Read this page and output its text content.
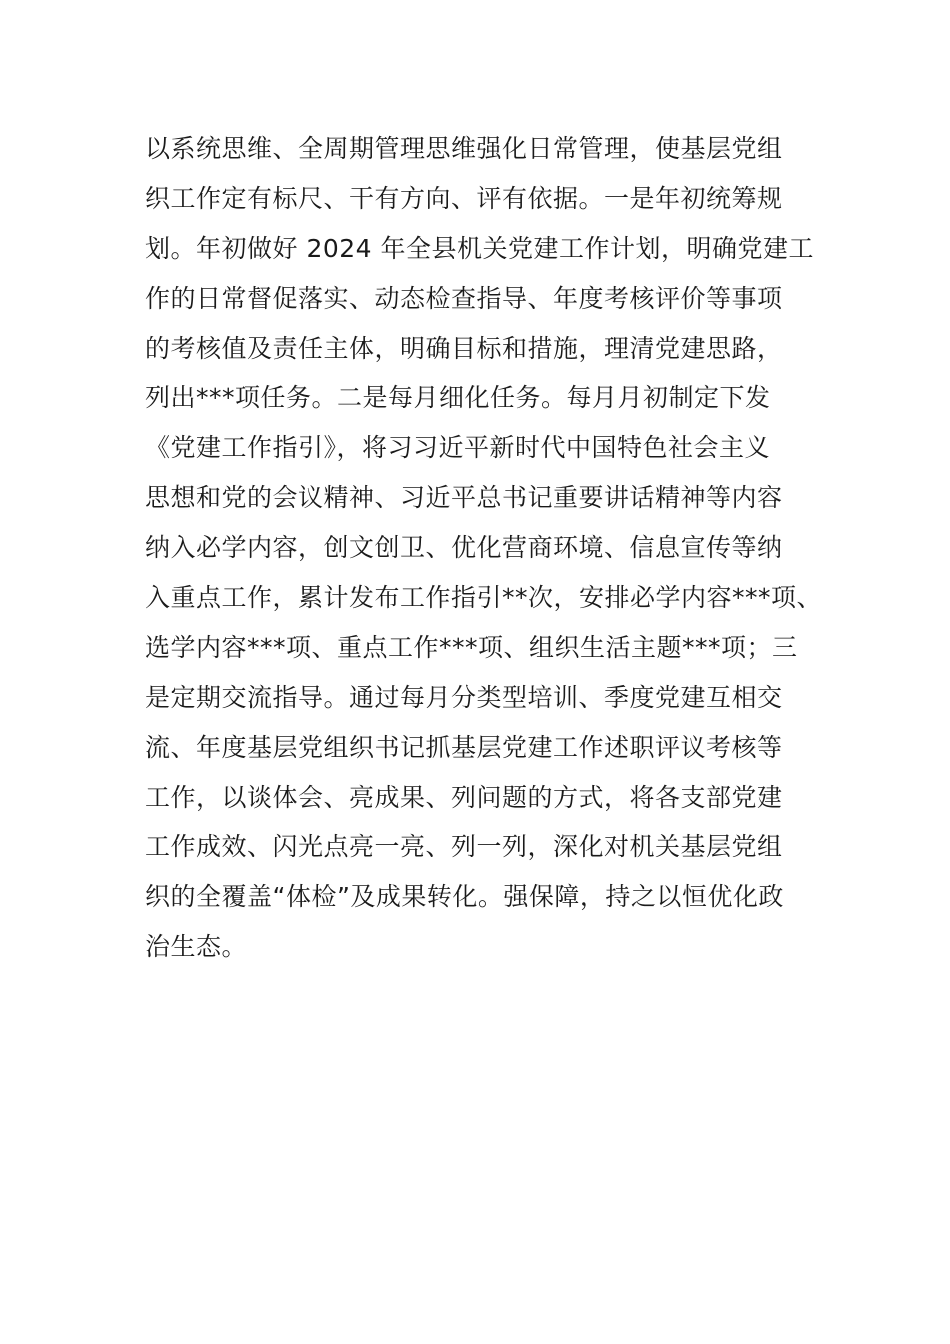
以系统思维、全周期管理思维强化日常管理，使基层党组
织工作定有标尺、干有方向、评有依据。一是年初统筹规
划。年初做好 2024 年全县机关党建工作计划，明确党建工
作的日常督促落实、动态检查指导、年度考核评价等事项
的考核值及责任主体，明确目标和措施，理清党建思路，
列出***项任务。二是每月细化任务。每月月初制定下发
《党建工作指引》，将习习近平新时代中国特色社会主义
思想和党的会议精神、习近平总书记重要讲话精神等内容
纳入必学内容，创文创卫、优化营商环境、信息宣传等纳
入重点工作，累计发布工作指引**次，安排必学内容***项、
选学内容***项、重点工作***项、组织生活主题***项；三
是定期交流指导。通过每月分类型培训、季度党建互相交
流、年度基层党组织书记抓基层党建工作述职评议考核等
工作，以谈体会、亮成果、列问题的方式，将各支部党建
工作成效、闪光点亮一亮、列一列，深化对机关基层党组
织的全覆盖“体检”及成果转化。强保障，持之以恒优化政
治生态。
